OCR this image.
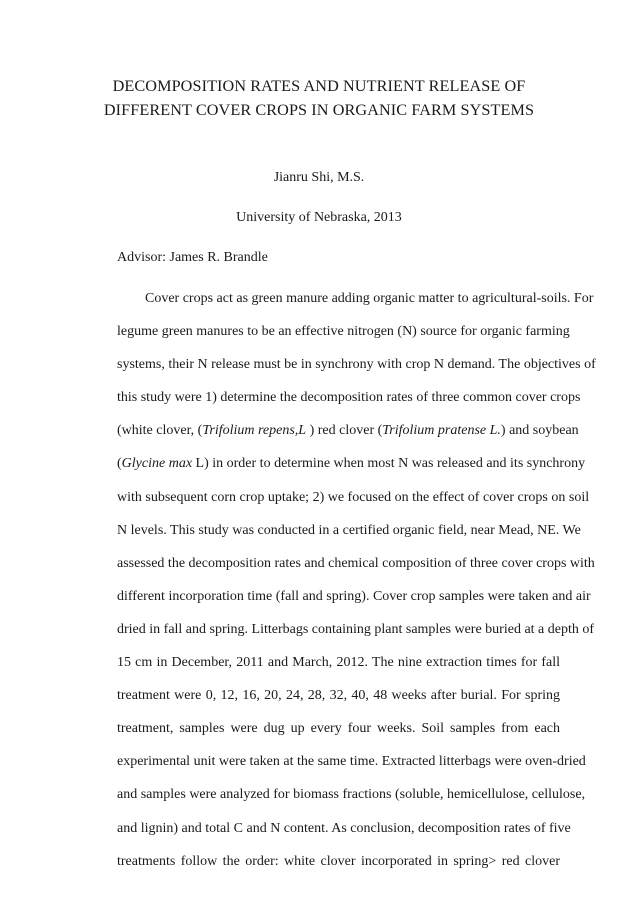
DECOMPOSITION RATES AND NUTRIENT RELEASE OF
DIFFERENT COVER CROPS IN ORGANIC FARM SYSTEMS
Jianru Shi, M.S.
University of Nebraska, 2013
Advisor: James R. Brandle
Cover crops act as green manure adding organic matter to agricultural-soils. For
legume green manures to be an effective nitrogen (N) source for organic farming
systems, their N release must be in synchrony with crop N demand. The objectives of
this study were 1) determine the decomposition rates of three common cover crops
(white clover, (Trifolium repens,L ) red clover (Trifolium pratense L.) and soybean
(Glycine max L) in order to determine when most N was released and its synchrony
with subsequent corn crop uptake; 2) we focused on the effect of cover crops on soil
N levels. This study was conducted in a certified organic field, near Mead, NE. We
assessed the decomposition rates and chemical composition of three cover crops with
different incorporation time (fall and spring). Cover crop samples were taken and air
dried in fall and spring. Litterbags containing plant samples were buried at a depth of
15 cm in December, 2011 and March, 2012. The nine extraction times for fall
treatment were 0, 12, 16, 20, 24, 28, 32, 40, 48 weeks after burial. For spring
treatment, samples were dug up every four weeks. Soil samples from each
experimental unit were taken at the same time. Extracted litterbags were oven-dried
and samples were analyzed for biomass fractions (soluble, hemicellulose, cellulose,
and lignin) and total C and N content. As conclusion, decomposition rates of five
treatments follow the order: white clover incorporated in spring> red clover
